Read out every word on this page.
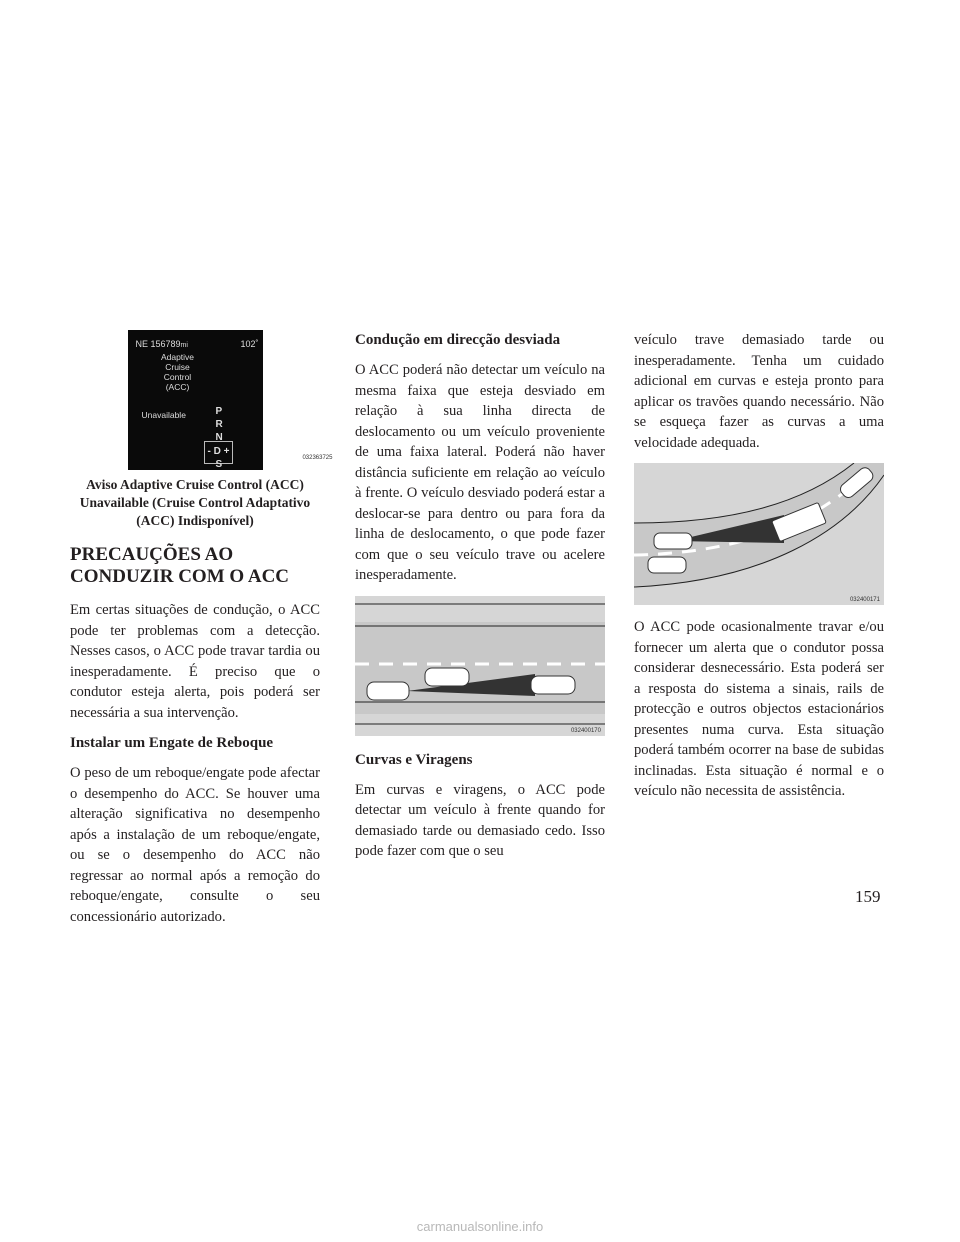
NE 156789mi	102˚
Adaptive
Cruise
Control
(ACC)
Unavailable	P
R
N
- D +
S
032363725
Aviso Adaptive Cruise Control (ACC) Unavailable (Cruise Control Adaptativo (ACC) Indisponível)
PRECAUÇÕES AO CONDUZIR COM O ACC

Em certas situações de condução, o ACC pode ter problemas com a detecção. Nesses casos, o ACC pode travar tardia ou inesperadamente. É preciso que o condutor esteja alerta, pois poderá ser necessária a sua intervenção.

Instalar um Engate de Reboque

O peso de um reboque/engate pode afectar o desempenho do ACC. Se houver uma alteração significativa no desempenho após a instalação de um reboque/engate, ou se o desempenho do ACC não regressar ao normal após a remoção do reboque/engate, consulte o seu concessionário autorizado.

Condução em direcção desviada

O ACC poderá não detectar um veículo na mesma faixa que esteja desviado em relação à sua linha directa de deslocamento ou um veículo proveniente de uma faixa lateral. Poderá não haver distância suficiente em relação ao veículo à frente. O veículo desviado poderá estar a deslocar-se para dentro ou para fora da linha de deslocamento, o que pode fazer com que o seu veículo trave ou acelere inesperadamente.

032400170
Curvas e Viragens

Em curvas e viragens, o ACC pode detectar um veículo à frente quando for demasiado tarde ou demasiado cedo. Isso pode fazer com que o seu

veículo trave demasiado tarde ou inesperadamente. Tenha um cuidado adicional em curvas e esteja pronto para aplicar os travões quando necessário. Não se esqueça fazer as curvas a uma velocidade adequada.

032400171

O ACC pode ocasionalmente travar e/ou fornecer um alerta que o condutor possa considerar desnecessário. Esta poderá ser a resposta do sistema a sinais, rails de protecção e outros objectos estacionários presentes numa curva. Esta situação poderá também ocorrer na base de subidas inclinadas. Esta situação é normal e o veículo não necessita de assistência.

159
carmanualsonline.info
